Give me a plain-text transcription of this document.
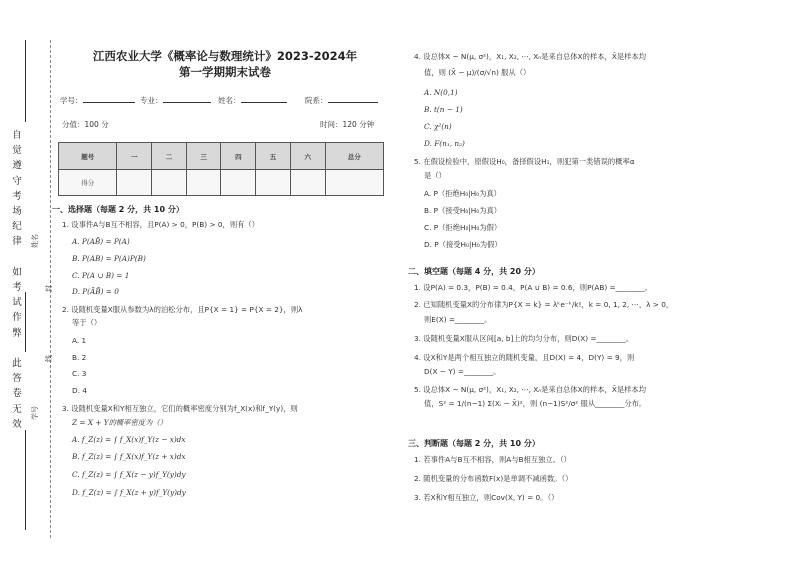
自
觉
遵
守
考
场
纪
律

如
考
试
作
弊

此
答
卷
无
效
姓名
封
线
学号
江西农业大学《概率论与数理统计》2023-2024年
第一学期期末试卷
学号：	专业：	姓名：	院系：
分值：100 分	时间：120 分钟
题号	一	二	三	四	五	六	总分
得分							
一、选择题（每题 2 分，共 10 分）
1. 设事件A与B互不相容，且P(A) > 0，P(B) > 0，则有（）
A. P(AB̄) = P(A)
B. P(AB) = P(A)P(B)
C. P(A ∪ B) = 1
D. P(ĀB̄) = 0
2. 设随机变量X服从参数为λ的泊松分布，且P{X = 1} = P{X = 2}，则λ
等于（）
A. 1
B. 2
C. 3
D. 4
3. 设随机变量X和Y相互独立，它们的概率密度分别为f_X(x)和f_Y(y)，则
Z = X + Y的概率密度为（）
A. f_Z(z) = ∫ f_X(x)f_Y(z − x)dx
B. f_Z(z) = ∫ f_X(x)f_Y(z + x)dx
C. f_Z(z) = ∫ f_X(z − y)f_Y(y)dy
D. f_Z(z) = ∫ f_X(z + y)f_Y(y)dy
4. 设总体X ~ N(μ, σ²)，X₁, X₂, ⋯, Xₙ是来自总体X的样本，X̄是样本均
值，则 (X̄ − μ)/(σ/√n) 服从（）
A. N(0,1)
B. t(n − 1)
C. χ²(n)
D. F(n₁, n₂)
5. 在假设检验中，原假设H₀，备择假设H₁，则犯第一类错误的概率α
是（）
A. P（拒绝H₀|H₀为真）
B. P（接受H₀|H₀为真）
C. P（拒绝H₀|H₀为假）
D. P（接受H₀|H₀为假）
二、填空题（每题 4 分，共 20 分）
1. 设P(A) = 0.3，P(B) = 0.4，P(A ∪ B) = 0.6，则P(AB) =________。
2. 已知随机变量X的分布律为P{X = k} = λᵏe⁻ᵏ/k!，k = 0, 1, 2, ⋯，λ > 0，
则E(X) =________。
3. 设随机变量X服从区间[a, b]上的均匀分布，则D(X) =________。
4. 设X和Y是两个相互独立的随机变量，且D(X) = 4，D(Y) = 9，则
D(X − Y) =________。
5. 设总体X ~ N(μ, σ²)，X₁, X₂, ⋯, Xₙ是来自总体X的样本，X̄是样本均
值，S² = 1/(n−1) Σ(Xᵢ − X̄)²，则 (n−1)S²/σ² 服从________分布。
三、判断题（每题 2 分，共 10 分）
1. 若事件A与B互不相容，则A与B相互独立。（）
2. 随机变量的分布函数F(x)是单调不减函数。（）
3. 若X和Y相互独立，则Cov(X, Y) = 0。（）
